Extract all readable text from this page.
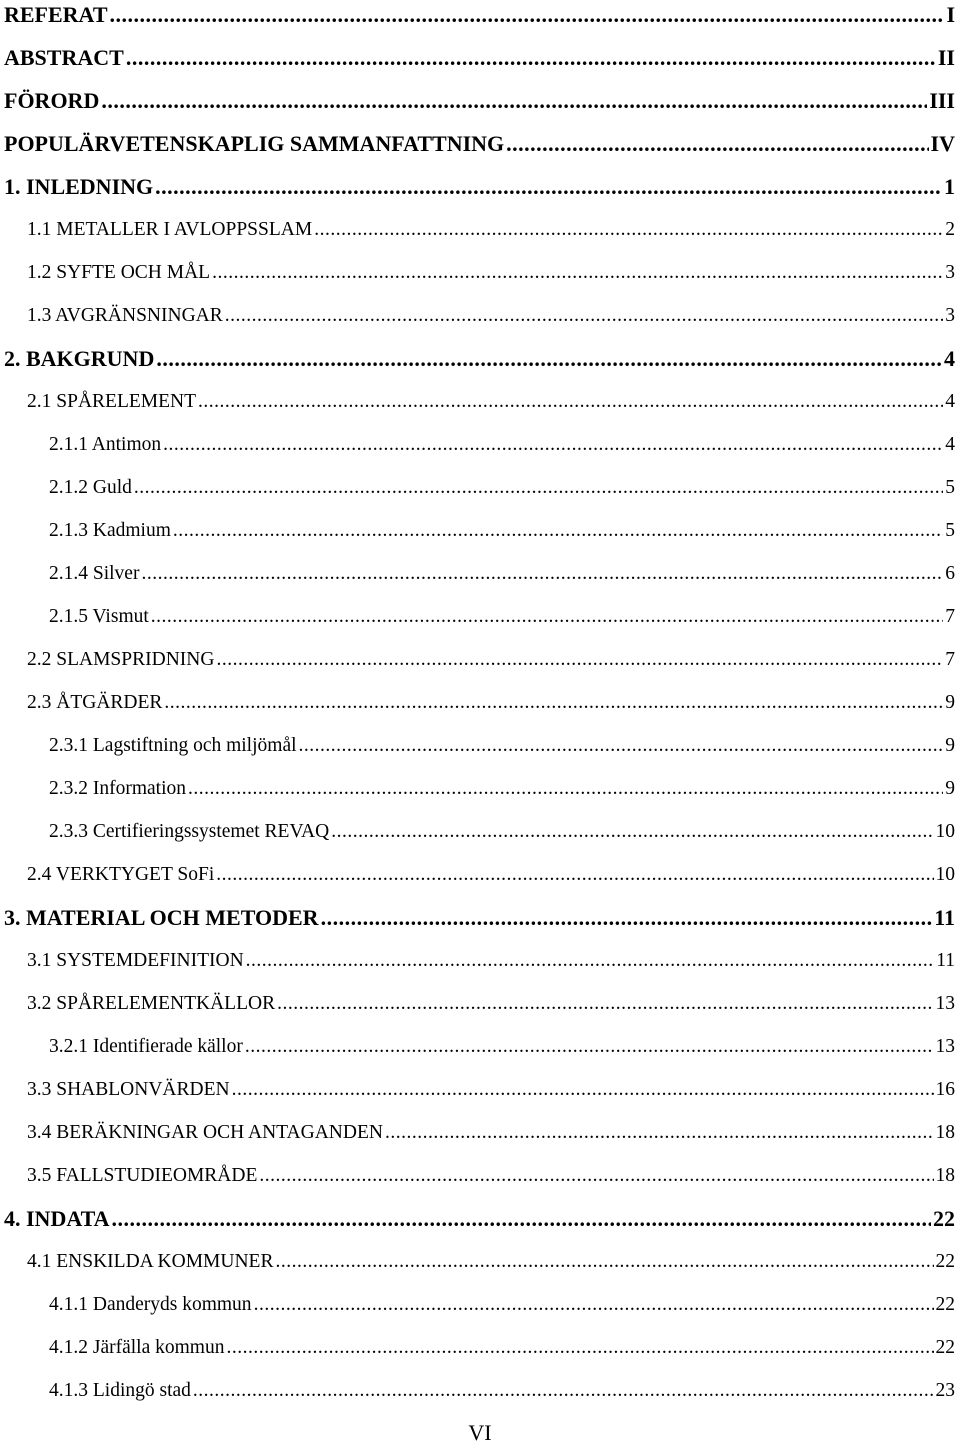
REFERAT .....	I
ABSTRACT .....	II
FÖRORD .....	III
POPULÄRVETENSKAPLIG SAMMANFATTNING .....	IV
1. INLEDNING .....	1
1.1 METALLER I AVLOPPSSLAM .....	2
1.2 SYFTE OCH MÅL .....	3
1.3 AVGRÄNSNINGAR .....	3
2. BAKGRUND .....	4
2.1 SPÅRELEMENT .....	4
2.1.1 Antimon .....	4
2.1.2 Guld .....	5
2.1.3 Kadmium .....	5
2.1.4 Silver .....	6
2.1.5 Vismut .....	7
2.2 SLAMSPRIDNING .....	7
2.3 ÅTGÄRDER .....	9
2.3.1 Lagstiftning och miljömål .....	9
2.3.2 Information .....	9
2.3.3 Certifieringssystemet REVAQ .....	10
2.4 VERKTYGET SoFi .....	10
3. MATERIAL OCH METODER .....	11
3.1 SYSTEMDEFINITION .....	11
3.2 SPÅRELEMENTKÄLLOR .....	13
3.2.1 Identifierade källor .....	13
3.3 SHABLONVÄRDEN .....	16
3.4 BERÄKNINGAR OCH ANTAGANDEN .....	18
3.5 FALLSTUDIEOMRÅDE .....	18
4. INDATA .....	22
4.1 ENSKILDA KOMMUNER .....	22
4.1.1 Danderyds kommun .....	22
4.1.2 Järfälla kommun .....	22
4.1.3 Lidingö stad .....	23
VI
